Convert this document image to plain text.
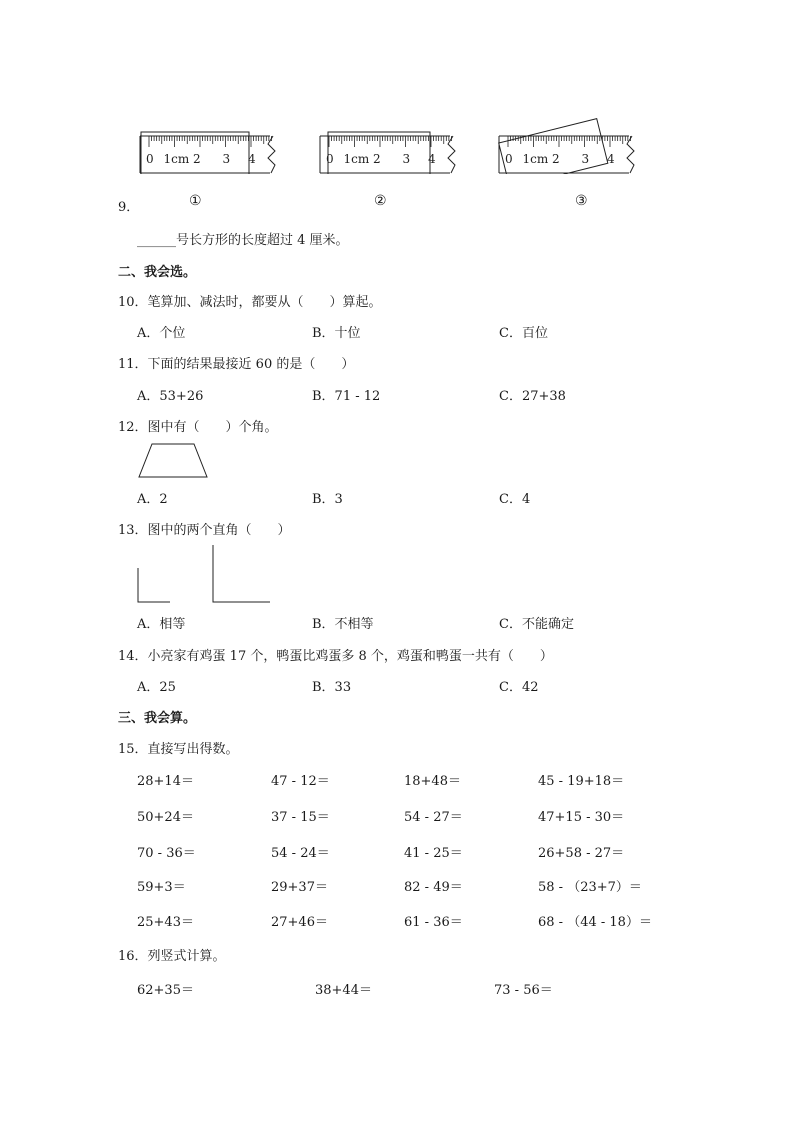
0 1cm 2 3 4	0 1cm 2 3 4	0 1cm 2 3 4
9．	①	②	③
______号长方形的长度超过 4 厘米。
二、我会选。
10．笔算加、减法时，都要从（　　）算起。
A．个位	B．十位	C．百位
11．下面的结果最接近 60 的是（　　）
A．53+26	B．71 - 12	C．27+38
12．图中有（　　）个角。
A．2	B．3	C．4
13．图中的两个直角（　　）
A．相等	B．不相等	C．不能确定
14．小亮家有鸡蛋 17 个，鸭蛋比鸡蛋多 8 个，鸡蛋和鸭蛋一共有（　　）
A．25	B．33	C．42
三、我会算。
15．直接写出得数。
28+14＝	47 - 12＝	18+48＝	45 - 19+18＝
50+24＝	37 - 15＝	54 - 27＝	47+15 - 30＝
70 - 36＝	54 - 24＝	41 - 25＝	26+58 - 27＝
59+3＝	29+37＝	82 - 49＝	58 - （23+7）＝
25+43＝	27+46＝	61 - 36＝	68 - （44 - 18）＝
16．列竖式计算。
62+35＝	38+44＝	73 - 56＝
